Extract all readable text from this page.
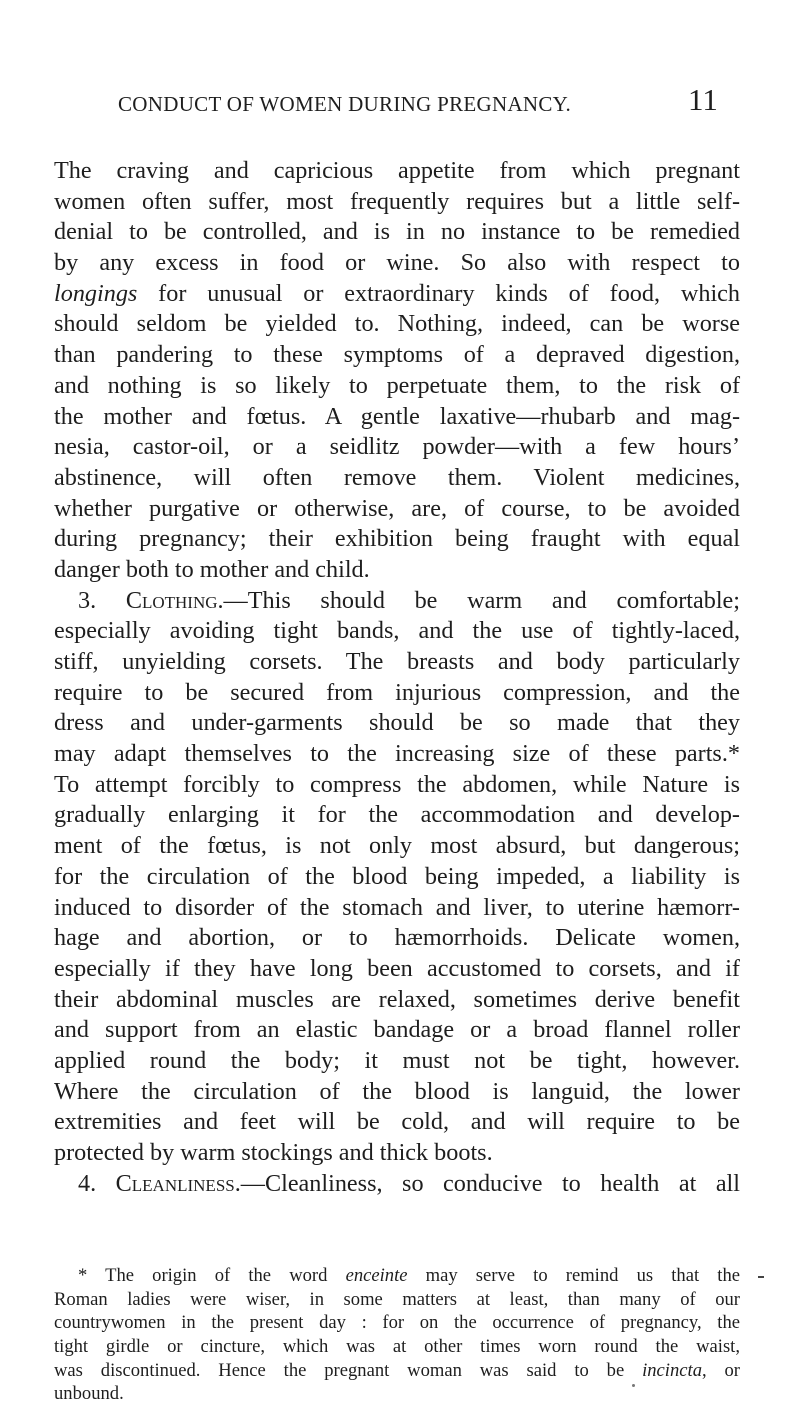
CONDUCT OF WOMEN DURING PREGNANCY.	11
The craving and capricious appetite from which pregnant
women often suffer, most frequently requires but a little self-
denial to be controlled, and is in no instance to be remedied
by any excess in food or wine. So also with respect to
longings for unusual or extraordinary kinds of food, which
should seldom be yielded to. Nothing, indeed, can be worse
than pandering to these symptoms of a depraved digestion,
and nothing is so likely to perpetuate them, to the risk of
the mother and fœtus. A gentle laxative—rhubarb and mag-
nesia, castor-oil, or a seidlitz powder—with a few hours’
abstinence, will often remove them. Violent medicines,
whether purgative or otherwise, are, of course, to be avoided
during pregnancy; their exhibition being fraught with equal
danger both to mother and child.
3. Clothing.—This should be warm and comfortable;
especially avoiding tight bands, and the use of tightly-laced,
stiff, unyielding corsets. The breasts and body particularly
require to be secured from injurious compression, and the
dress and under-garments should be so made that they
may adapt themselves to the increasing size of these parts.*
To attempt forcibly to compress the abdomen, while Nature is
gradually enlarging it for the accommodation and develop-
ment of the fœtus, is not only most absurd, but dangerous;
for the circulation of the blood being impeded, a liability is
induced to disorder of the stomach and liver, to uterine hæmorr-
hage and abortion, or to hæmorrhoids. Delicate women,
especially if they have long been accustomed to corsets, and if
their abdominal muscles are relaxed, sometimes derive benefit
and support from an elastic bandage or a broad flannel roller
applied round the body; it must not be tight, however.
Where the circulation of the blood is languid, the lower
extremities and feet will be cold, and will require to be
protected by warm stockings and thick boots.
4. Cleanliness.—Cleanliness, so conducive to health at all
* The origin of the word enceinte may serve to remind us that the
Roman ladies were wiser, in some matters at least, than many of our
countrywomen in the present day : for on the occurrence of pregnancy, the
tight girdle or cincture, which was at other times worn round the waist,
was discontinued. Hence the pregnant woman was said to be incincta, or
unbound.
